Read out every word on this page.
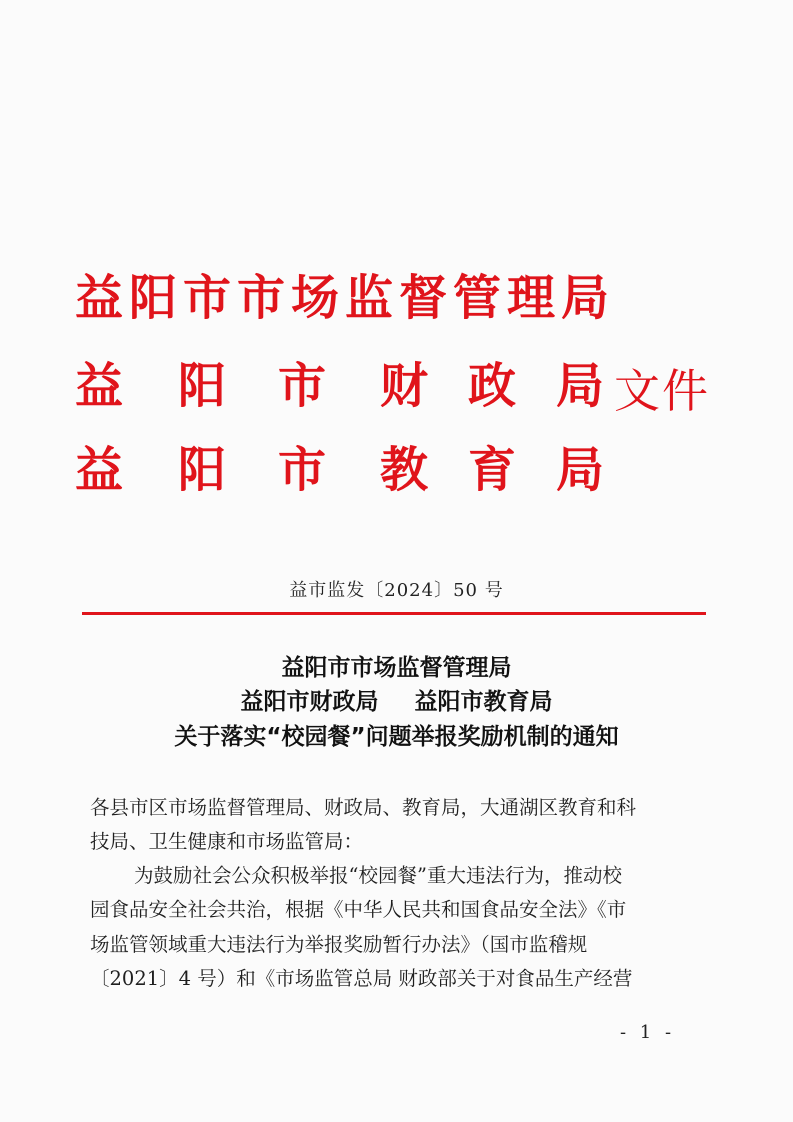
益阳市市场监督管理局
益 阳 市 财 政 局 文件
益 阳 市 教 育 局
益市监发〔2024〕50 号
益阳市市场监督管理局
益阳市财政局 益阳市教育局
关于落实“校园餐”问题举报奖励机制的通知
各县市区市场监督管理局、财政局、教育局，大通湖区教育和科
技局、卫生健康和市场监管局：
为鼓励社会公众积极举报“校园餐”重大违法行为，推动校
园食品安全社会共治，根据《中华人民共和国食品安全法》《市
场监管领域重大违法行为举报奖励暂行办法》（国市监稽规
〔2021〕4 号）和《市场监管总局 财政部关于对食品生产经营
- 1 -
